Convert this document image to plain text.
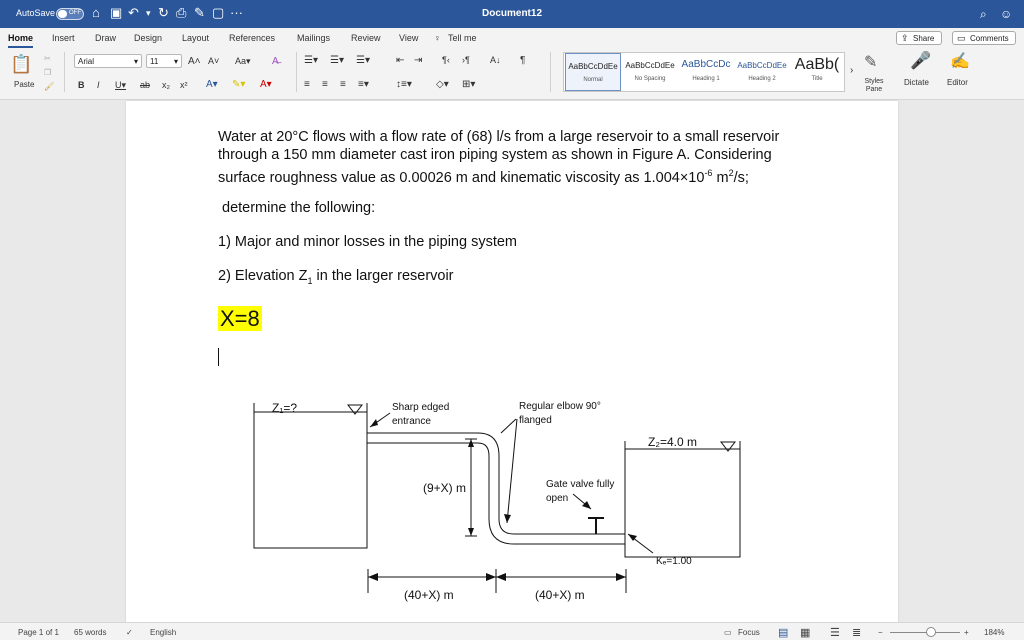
AutoSave OFF ⌂ ▣ ↶ ▾ ↻ ⎙ ✎ ▢ ···	Document12	⌕ ☺
Home Insert Draw Design Layout References Mailings Review View ♀ Tell me	⇪ Share	▭ Comments
📋
Paste
✂
❐
🖌
Arial	▾	11 ▾ A˄ A˅ Aa▾ A̶
B I U▾ ab x₂ x² A▾ ✎▾ A▾
☰▾ ☰▾ ☰▾	⇤ ⇥ ¶‹ ›¶ A↓ ¶
≡ ≡ ≡ ≡▾	↕≡▾ ◇▾ ⊞▾
AaBbCcDdEe
Normal
AaBbCcDdEe
No Spacing
AaBbCcDc
Heading 1
AaBbCcDdEe
Heading 2
AaBb(
Title
› ✎
Styles Pane
🎤
Dictate
✍
Editor
Water at 20°C flows with a flow rate of (68) l/s from a large reservoir to a small reservoir
through a 150 mm diameter cast iron piping system as shown in Figure A. Considering
surface roughness value as 0.00026 m and kinematic viscosity as $1.004\times 10^{-6}$ $m^2/s$;
determine the following:
1) Major and minor losses in the piping system
2) Elevation $Z_1$ in the larger reservoir
X=8
Z₁=?	Sharp edged
entrance
Regular elbow 90°
flanged
Z₂=4.0 m
(9+X) m	Gate valve fully
open
Kₑ=1.00
(40+X) m	(40+X) m
Page 1 of 1 65 words ✓ English	▭ Focus ▤ ▦ ☰ ≣ −	+ 184%
